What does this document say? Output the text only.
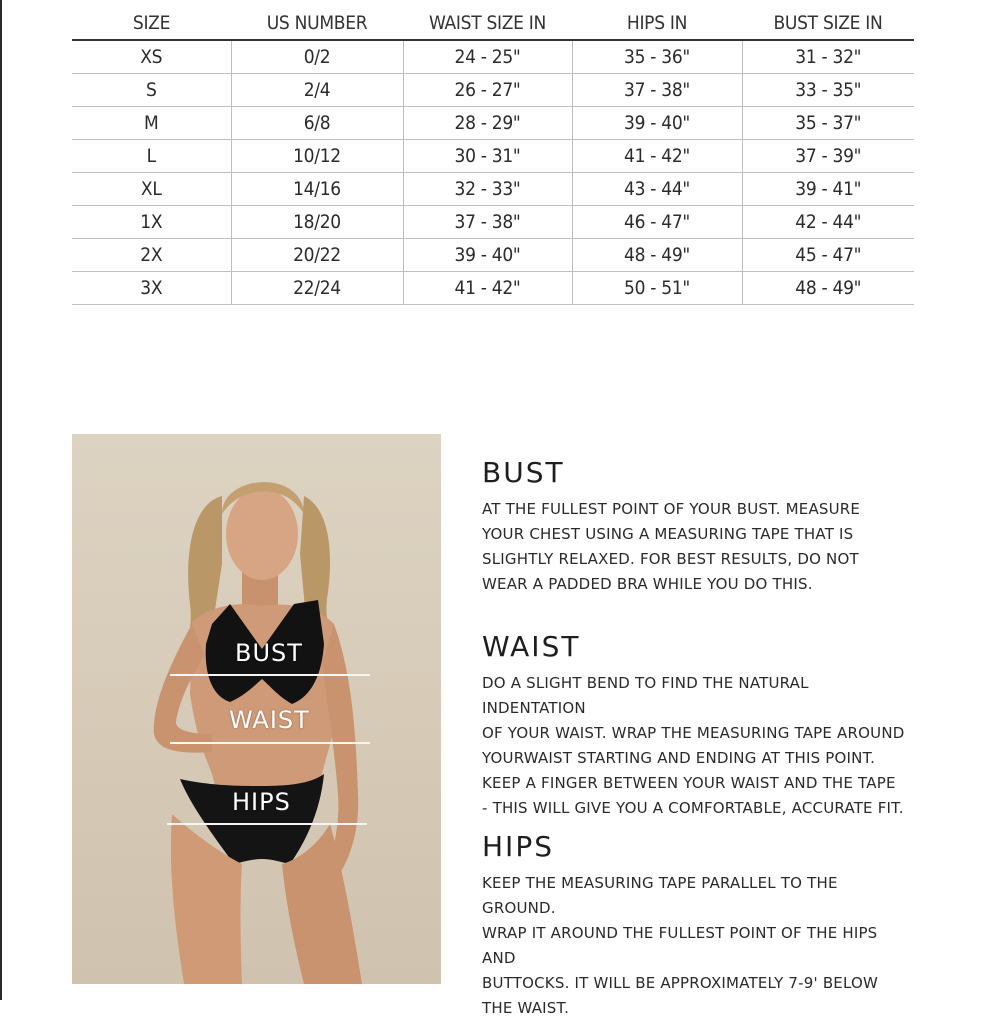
SIZE	US NUMBER	WAIST SIZE IN	HIPS IN	BUST SIZE IN
XS	0/2	24 - 25"	35 - 36"	31 - 32"
S	2/4	26 - 27"	37 - 38"	33 - 35"
M	6/8	28 - 29"	39 - 40"	35 - 37"
L	10/12	30 - 31"	41 - 42"	37 - 39"
XL	14/16	32 - 33"	43 - 44"	39 - 41"
1X	18/20	37 - 38"	46 - 47"	42 - 44"
2X	20/22	39 - 40"	48 - 49"	45 - 47"
3X	22/24	41 - 42"	50 - 51"	48 - 49"
BUST
WAIST
HIPS
BUST

AT THE FULLEST POINT OF YOUR BUST. MEASURE
YOUR CHEST USING A MEASURING TAPE THAT IS
SLIGHTLY RELAXED. FOR BEST RESULTS, DO NOT
WEAR A PADDED BRA WHILE YOU DO THIS.

WAIST

DO A SLIGHT BEND TO FIND THE NATURAL INDENTATION
OF YOUR WAIST. WRAP THE MEASURING TAPE AROUND
YOURWAIST STARTING AND ENDING AT THIS POINT.
KEEP A FINGER BETWEEN YOUR WAIST AND THE TAPE
- THIS WILL GIVE YOU A COMFORTABLE, ACCURATE FIT.

HIPS

KEEP THE MEASURING TAPE PARALLEL TO THE GROUND.
WRAP IT AROUND THE FULLEST POINT OF THE HIPS AND
BUTTOCKS. IT WILL BE APPROXIMATELY 7-9' BELOW
THE WAIST.
